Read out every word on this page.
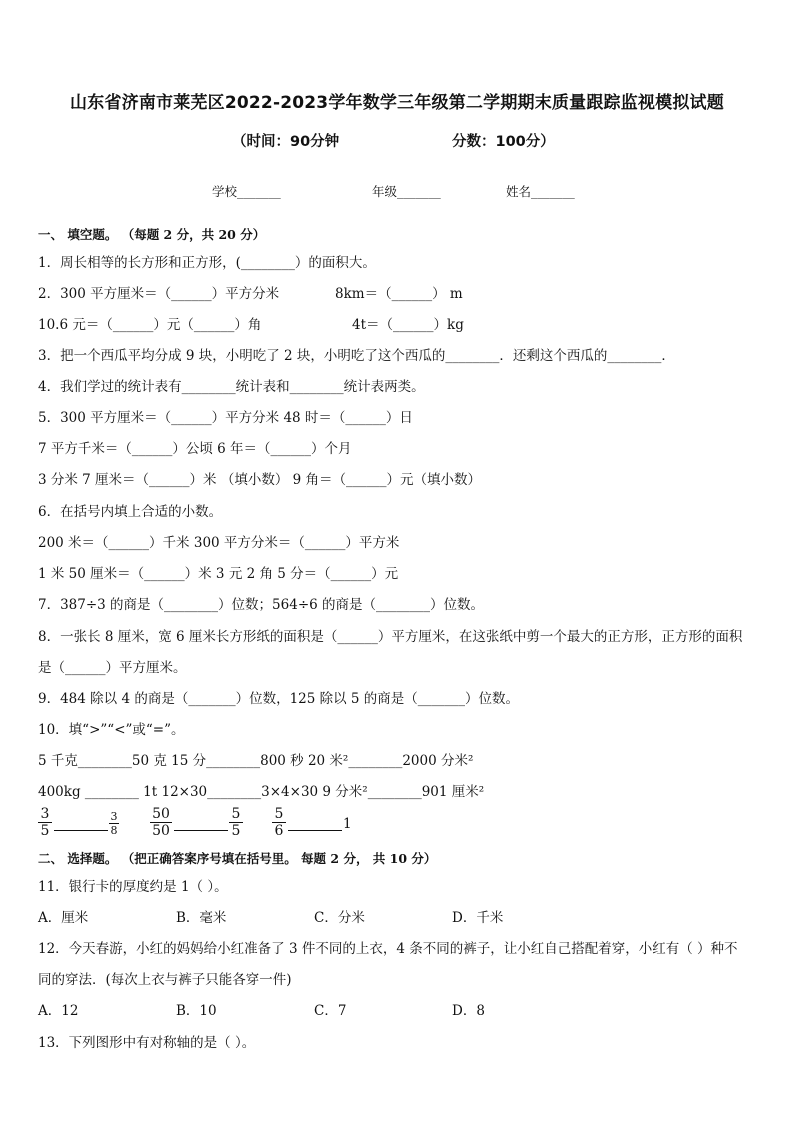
山东省济南市莱芜区2022-2023学年数学三年级第二学期期末质量跟踪监视模拟试题
（时间：90分钟	分数：100分）
学校_______	年级_______	姓名_______
一、 填空题。 （每题 2 分，共 20 分）
1．周长相等的长方形和正方形，(________）的面积大。
2．300 平方厘米＝（______）平方分米	8km＝（______） m
10.6 元＝（______）元（______）角	4t＝（______）kg
3．把一个西瓜平均分成 9 块，小明吃了 2 块，小明吃了这个西瓜的________．还剩这个西瓜的________．
4．我们学过的统计表有________统计表和________统计表两类。
5．300 平方厘米＝（______）平方分米 48 时＝（______）日
7 平方千米＝（______）公顷 6 年＝（______）个月
3 分米 7 厘米＝（______）米 （填小数） 9 角＝（______）元（填小数）
6．在括号内填上合适的小数。
200 米＝（______）千米 300 平方分米＝（______）平方米
1 米 50 厘米＝（______）米 3 元 2 角 5 分＝（______）元
7．387÷3 的商是（________）位数；564÷6 的商是（________）位数。
8．一张长 8 厘米，宽 6 厘米长方形纸的面积是（______）平方厘米，在这张纸中剪一个最大的正方形，正方形的面积
是（______）平方厘米。
9．484 除以 4 的商是（_______）位数，125 除以 5 的商是（_______）位数。
10．填“>”“<”或“=”。
5 千克________50 克 15 分________800 秒 20 米²________2000 分米²
400kg ________ 1t 12×30________3×4×30 9 分米²________901 厘米²
$\frac{3}{5}$	$\frac{3}{8} \frac{50}{50}$	$\frac{5}{5} \frac{5}{6}$	1
二、 选择题。 （把正确答案序号填在括号里。 每题 2 分， 共 10 分）
11．银行卡的厚度约是 1（ ）。
A．厘米	B．毫米	C．分米	D．千米
12．今天春游，小红的妈妈给小红准备了 3 件不同的上衣，4 条不同的裤子，让小红自己搭配着穿，小红有（ ）种不
同的穿法．(每次上衣与裤子只能各穿一件)
A．12	B．10	C．7	D．8
13．下列图形中有对称轴的是（ ）。
